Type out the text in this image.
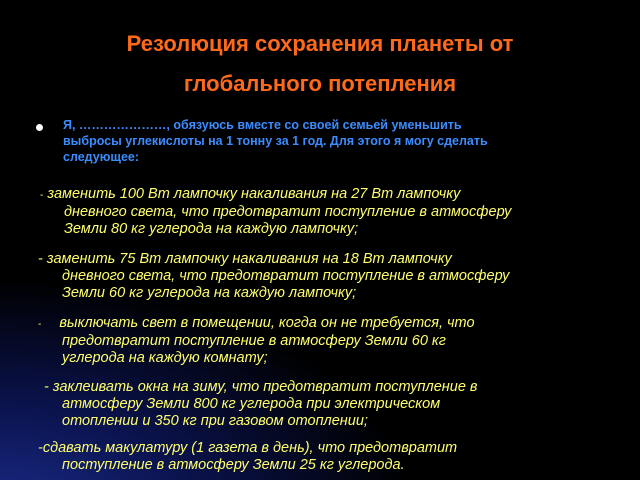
Резолюция сохранения планеты от
глобального потепления
Я, …………………, обязуюсь вместе со своей семьей уменьшить
выбросы углекислоты на 1 тонну за 1 год. Для этого я могу сделать
следующее:
- заменить 100 Вт лампочку накаливания на 27 Вт лампочку
дневного света, что предотвратит поступление в атмосферу
Земли 80 кг углерода на каждую лампочку;
- заменить 75 Вт лампочку накаливания на 18 Вт лампочку
дневного света, что предотвратит поступление в атмосферу
Земли 60 кг углерода на каждую лампочку;
- выключать свет в помещении, когда он не требуется, что
предотвратит поступление в атмосферу Земли 60 кг
углерода на каждую комнату;
- заклеивать окна на зиму, что предотвратит поступление в
атмосферу Земли 800 кг углерода при электрическом
отоплении и 350 кг при газовом отоплении;
-сдавать макулатуру (1 газета в день), что предотвратит
поступление в атмосферу Земли 25 кг углерода.
